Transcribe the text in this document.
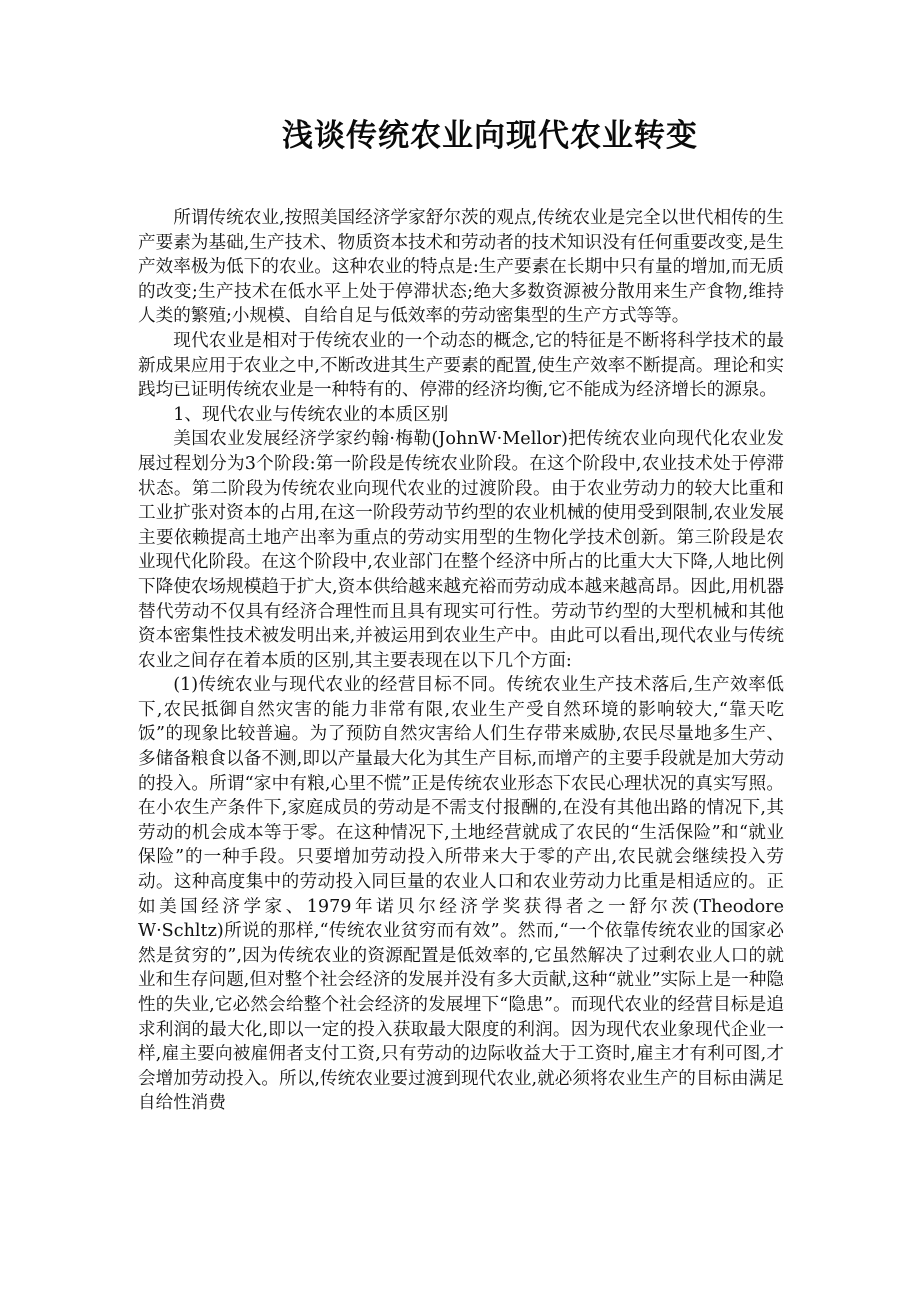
浅谈传统农业向现代农业转变

所谓传统农业,按照美国经济学家舒尔茨的观点,传统农业是完全以世代相传的生产要素为基础,生产技术、物质资本技术和劳动者的技术知识没有任何重要改变,是生产效率极为低下的农业。这种农业的特点是:生产要素在长期中只有量的增加,而无质的改变;生产技术在低水平上处于停滞状态;绝大多数资源被分散用来生产食物,维持人类的繁殖;小规模、自给自足与低效率的劳动密集型的生产方式等等。

现代农业是相对于传统农业的一个动态的概念,它的特征是不断将科学技术的最新成果应用于农业之中,不断改进其生产要素的配置,使生产效率不断提高。理论和实践均已证明传统农业是一种特有的、停滞的经济均衡,它不能成为经济增长的源泉。

1、现代农业与传统农业的本质区别

美国农业发展经济学家约翰·梅勒(JohnW·Mellor)把传统农业向现代化农业发展过程划分为3个阶段:第一阶段是传统农业阶段。在这个阶段中,农业技术处于停滞状态。第二阶段为传统农业向现代农业的过渡阶段。由于农业劳动力的较大比重和工业扩张对资本的占用,在这一阶段劳动节约型的农业机械的使用受到限制,农业发展主要依赖提高土地产出率为重点的劳动实用型的生物化学技术创新。第三阶段是农业现代化阶段。在这个阶段中,农业部门在整个经济中所占的比重大大下降,人地比例下降使农场规模趋于扩大,资本供给越来越充裕而劳动成本越来越高昂。因此,用机器替代劳动不仅具有经济合理性而且具有现实可行性。劳动节约型的大型机械和其他资本密集性技术被发明出来,并被运用到农业生产中。由此可以看出,现代农业与传统农业之间存在着本质的区别,其主要表现在以下几个方面:

(1)传统农业与现代农业的经营目标不同。传统农业生产技术落后,生产效率低下,农民抵御自然灾害的能力非常有限,农业生产受自然环境的影响较大,“靠天吃饭”的现象比较普遍。为了预防自然灾害给人们生存带来威胁,农民尽量地多生产、多储备粮食以备不测,即以产量最大化为其生产目标,而增产的主要手段就是加大劳动的投入。所谓“家中有粮,心里不慌”正是传统农业形态下农民心理状况的真实写照。在小农生产条件下,家庭成员的劳动是不需支付报酬的,在没有其他出路的情况下,其劳动的机会成本等于零。在这种情况下,土地经营就成了农民的“生活保险”和“就业保险”的一种手段。只要增加劳动投入所带来大于零的产出,农民就会继续投入劳动。这种高度集中的劳动投入同巨量的农业人口和农业劳动力比重是相适应的。正如美国经济学家、1979年诺贝尔经济学奖获得者之一舒尔茨(Theodore W·Schltz)所说的那样,“传统农业贫穷而有效”。然而,“一个依靠传统农业的国家必然是贫穷的”,因为传统农业的资源配置是低效率的,它虽然解决了过剩农业人口的就业和生存问题,但对整个社会经济的发展并没有多大贡献,这种“就业”实际上是一种隐性的失业,它必然会给整个社会经济的发展埋下“隐患”。而现代农业的经营目标是追求利润的最大化,即以一定的投入获取最大限度的利润。因为现代农业象现代企业一样,雇主要向被雇佣者支付工资,只有劳动的边际收益大于工资时,雇主才有利可图,才会增加劳动投入。所以,传统农业要过渡到现代农业,就必须将农业生产的目标由满足自给性消费
